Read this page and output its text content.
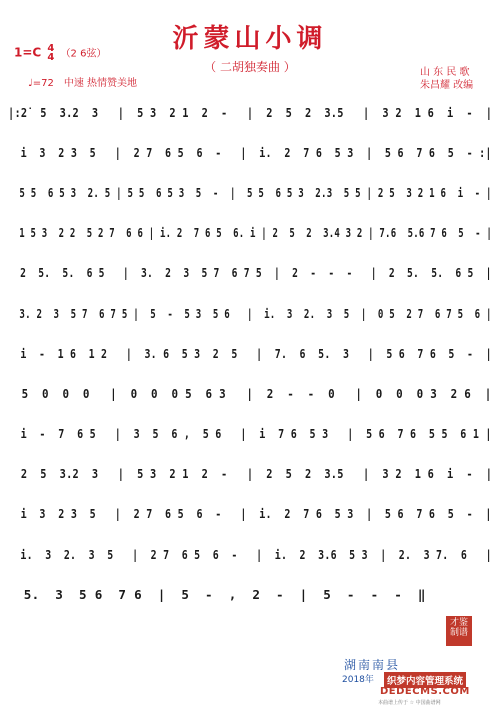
沂蒙山小调
1=C 4
4 （2 6弦）
（ 二胡独奏曲 ）
♩=72　中速 热情赞美地
山 东 民 歌
朱昌耀 改编
|:2̇  5  3.2  3   |  5 3  2 1  2  -   |  2  5  2  3.5   |  3 2  1 6  i  -  |
i  3  2 3  5   |  2 7  6 5  6  -   |  i.  2  7 6  5 3  |  5 6  7 6  5  - :|
5 5  6 5 3  2. 5 | 5 5  6 5 3  5  -  |  5 5  6 5 3  2.3  5 5 | 2 5  3 2 1 6  i  - |
1 5 3  2 2  5 2 7  6 6 | i. 2  7 6 5  6. i | 2  5  2  3.4 3 2 | 7.6  5.6 7 6  5  - |
2  5.  5.  6 5   |  3.  2  3  5 7  6 7 5  |  2  -  -  -   |  2  5.  5.  6 5  |
3. 2  3  5 7  6 7 5 |  5  -  5 3  5 6   |  i.  3  2.  3  5  |  0 5  2 7  6 7 5  6 |
i  -  1 6  1 2   |  3. 6  5 3  2  5   |  7.  6  5.  3   |  5 6  7 6  5  -  |
5  0  0  0   |  0  0  0 5  6 3   |  2  -  -  0   |  0  0  0 3  2 6  |
i  -  7  6 5   |  3  5  6 ,  5 6   |  i  7 6  5 3   |  5 6  7 6  5 5  6 1 |
2  5  3.2  3   |  5 3  2 1  2  -   |  2  5  2  3.5   |  3 2  1 6  i  -  |
i  3  2 3  5   |  2 7  6 5  6  -   |  i.  2  7 6  5 3  |  5 6  7 6  5  -  |
i.  3  2.  3  5   |  2 7  6 5  6  -   |  i.  2  3.6  5 3  |  2.  3 7.  6   |
5.  3  5 6  7 6  |  5  -  ,  2  -  |  5  -  -  -  ‖
才鉴
制谱
湖南南县
2018年	织梦内容管理系统
DEDECMS.COM
本曲谱上传于 ☆ 中国曲谱网
